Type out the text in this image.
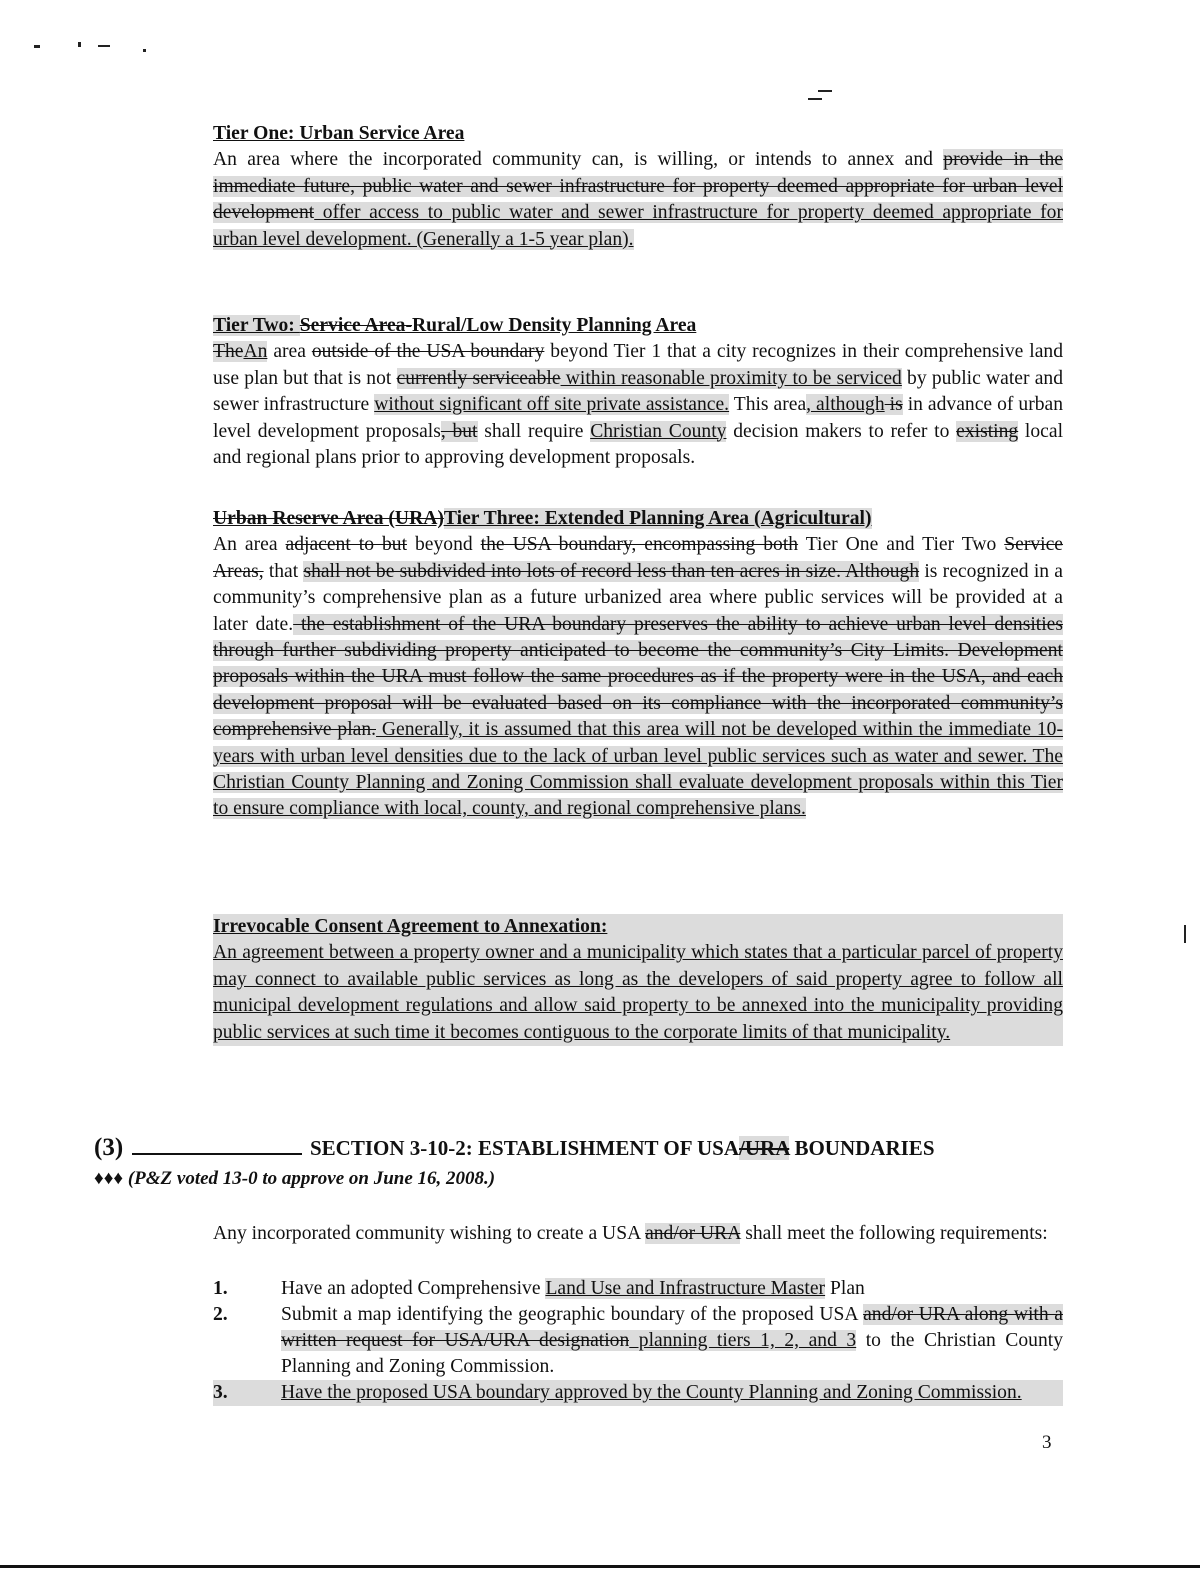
Tier One: Urban Service Area
An area where the incorporated community can, is willing, or intends to annex and provide in the immediate future, public water and sewer infrastructure for property deemed appropriate for urban level development offer access to public water and sewer infrastructure for property deemed appropriate for urban level development. (Generally a 1-5 year plan).
Tier Two: Service Area-Rural/Low Density Planning Area
TheAn area outside of the USA boundary beyond Tier 1 that a city recognizes in their comprehensive land use plan but that is not currently serviceable within reasonable proximity to be serviced by public water and sewer infrastructure without significant off site private assistance. This area, although is in advance of urban level development proposals, but shall require Christian County decision makers to refer to existing local and regional plans prior to approving development proposals.
Urban Reserve Area (URA)Tier Three: Extended Planning Area (Agricultural)
An area adjacent to but beyond the USA boundary, encompassing both Tier One and Tier Two Service Areas, that shall not be subdivided into lots of record less than ten acres in size. Although is recognized in a community’s comprehensive plan as a future urbanized area where public services will be provided at a later date. the establishment of the URA boundary preserves the ability to achieve urban level densities through further subdividing property anticipated to become the community’s City Limits. Development proposals within the URA must follow the same procedures as if the property were in the USA, and each development proposal will be evaluated based on its compliance with the incorporated community’s comprehensive plan. Generally, it is assumed that this area will not be developed within the immediate 10-years with urban level densities due to the lack of urban level public services such as water and sewer. The Christian County Planning and Zoning Commission shall evaluate development proposals within this Tier to ensure compliance with local, county, and regional comprehensive plans.
Irrevocable Consent Agreement to Annexation:
An agreement between a property owner and a municipality which states that a particular parcel of property may connect to available public services as long as the developers of said property agree to follow all municipal development regulations and allow said property to be annexed into the municipality providing public services at such time it becomes contiguous to the corporate limits of that municipality.
(3)	SECTION 3-10-2: ESTABLISHMENT OF USA/URA BOUNDARIES
♦♦♦ (P&Z voted 13-0 to approve on June 16, 2008.)
Any incorporated community wishing to create a USA and/or URA shall meet the following requirements:
1.	Have an adopted Comprehensive Land Use and Infrastructure Master Plan
2.	Submit a map identifying the geographic boundary of the proposed USA and/or URA along with a written request for USA/URA designation planning tiers 1, 2, and 3 to the Christian County Planning and Zoning Commission.
3.	Have the proposed USA boundary approved by the County Planning and Zoning Commission.
3
